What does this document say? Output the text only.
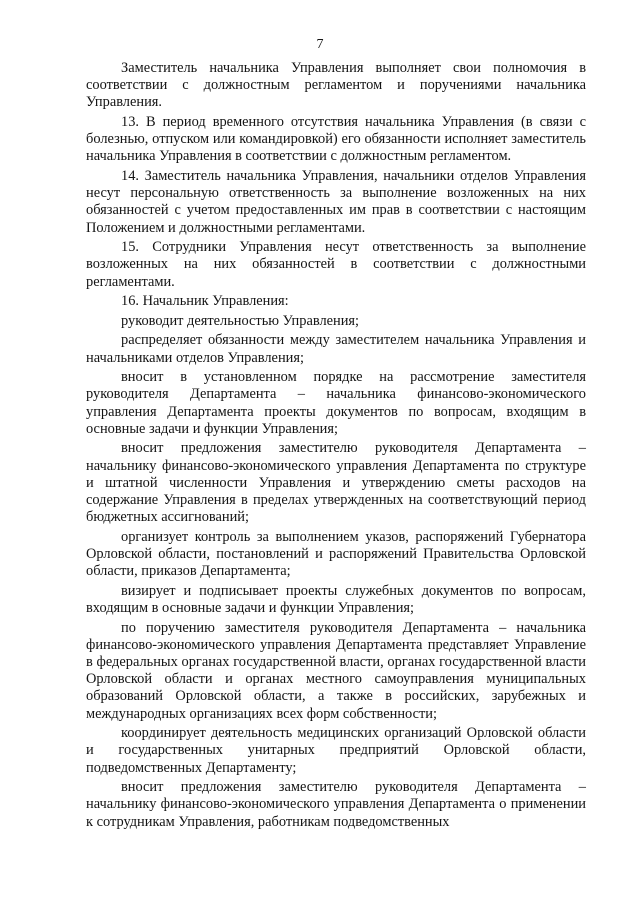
7

Заместитель начальника Управления выполняет свои полномочия в соответствии с должностным регламентом и поручениями начальника Управления.

13. В период временного отсутствия начальника Управления (в связи с болезнью, отпуском или командировкой) его обязанности исполняет заместитель начальника Управления в соответствии с должностным регламентом.

14. Заместитель начальника Управления, начальники отделов Управления несут персональную ответственность за выполнение возложенных на них обязанностей с учетом предоставленных им прав в соответствии с настоящим Положением и должностными регламентами.

15. Сотрудники Управления несут ответственность за выполнение возложенных на них обязанностей в соответствии с должностными регламентами.

16. Начальник Управления:

руководит деятельностью Управления;

распределяет обязанности между заместителем начальника Управления и начальниками отделов Управления;

вносит в установленном порядке на рассмотрение заместителя руководителя Департамента – начальника финансово-экономического управления Департамента проекты документов по вопросам, входящим в основные задачи и функции Управления;

вносит предложения заместителю руководителя Департамента – начальнику финансово-экономического управления Департамента по структуре и штатной численности Управления и утверждению сметы расходов на содержание Управления в пределах утвержденных на соответствующий период бюджетных ассигнований;

организует контроль за выполнением указов, распоряжений Губернатора Орловской области, постановлений и распоряжений Правительства Орловской области, приказов Департамента;

визирует и подписывает проекты служебных документов по вопросам, входящим в основные задачи и функции Управления;

по поручению заместителя руководителя Департамента – начальника финансово-экономического управления Департамента представляет Управление в федеральных органах государственной власти, органах государственной власти Орловской области и органах местного самоуправления муниципальных образований Орловской области, а также в российских, зарубежных и международных организациях всех форм собственности;

координирует деятельность медицинских организаций Орловской области и государственных унитарных предприятий Орловской области, подведомственных Департаменту;

вносит предложения заместителю руководителя Департамента – начальнику финансово-экономического управления Департамента о применении к сотрудникам Управления, работникам подведомственных
